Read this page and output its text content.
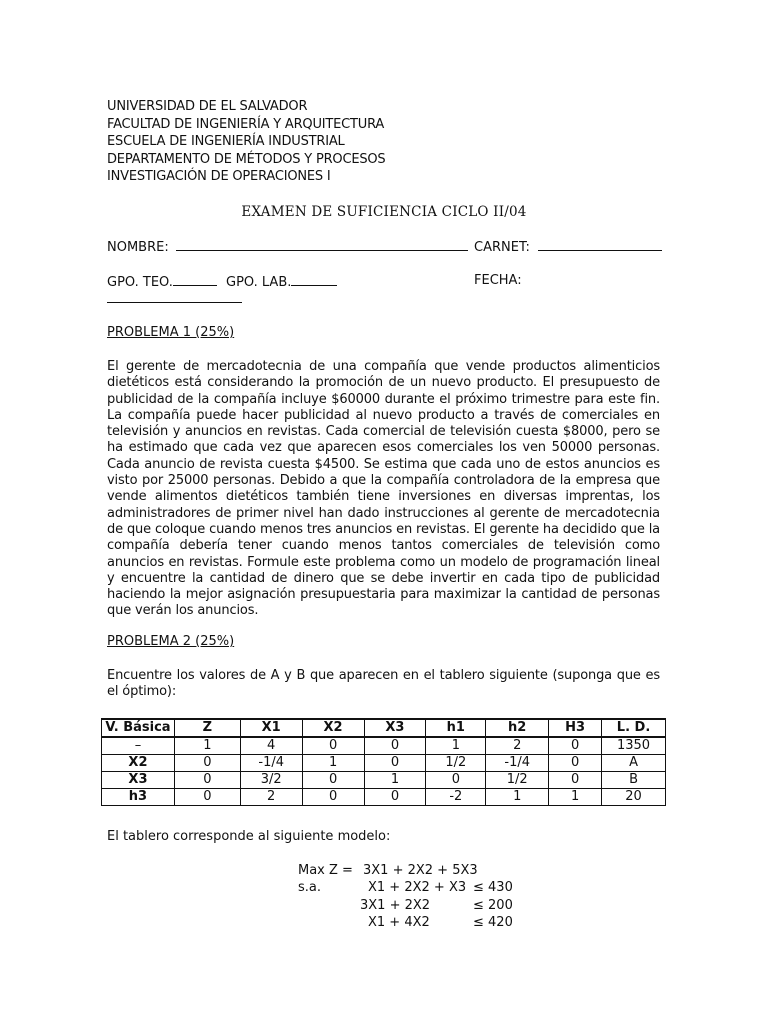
UNIVERSIDAD DE EL SALVADOR
FACULTAD DE INGENIERÍA Y ARQUITECTURA
ESCUELA DE INGENIERÍA INDUSTRIAL
DEPARTAMENTO DE MÉTODOS Y PROCESOS
INVESTIGACIÓN DE OPERACIONES I
EXAMEN DE SUFICIENCIA CICLO II/04
NOMBRE:	CARNET:
GPO. TEO.	GPO. LAB.	FECHA:
PROBLEMA 1 (25%)
El gerente de mercadotecnia de una compañía que vende productos alimenticios dietéticos está considerando la promoción de un nuevo producto. El presupuesto de publicidad de la compañía incluye $60000 durante el próximo trimestre para este fin. La compañía puede hacer publicidad al nuevo producto a través de comerciales en televisión y anuncios en revistas. Cada comercial de televisión cuesta $8000, pero se ha estimado que cada vez que aparecen esos comerciales los ven 50000 personas. Cada anuncio de revista cuesta $4500. Se estima que cada uno de estos anuncios es visto por 25000 personas. Debido a que la compañía controladora de la empresa que vende alimentos dietéticos también tiene inversiones en diversas imprentas, los administradores de primer nivel han dado instrucciones al gerente de mercadotecnia de que coloque cuando menos tres anuncios en revistas. El gerente ha decidido que la compañía debería tener cuando menos tantos comerciales de televisión como anuncios en revistas. Formule este problema como un modelo de programación lineal y encuentre la cantidad de dinero que se debe invertir en cada tipo de publicidad haciendo la mejor asignación presupuestaria para maximizar la cantidad de personas que verán los anuncios.
PROBLEMA 2 (25%)
Encuentre los valores de A y B que aparecen en el tablero siguiente (suponga que es el óptimo):
V. Básica	Z	X1	X2	X3	h1	h2	H3	L. D.
–	1	4	0	0	1	2	0	1350
X2	0	-1/4	1	0	1/2	-1/4	0	A
X3	0	3/2	0	1	0	1/2	0	B
h3	0	2	0	0	-2	1	1	20
El tablero corresponde al siguiente modelo:
Max Z = 3X1 + 2X2 + 5X3
s.a.	X1 + 2X2 + X3 ≤ 430
3X1 + 2X2	≤ 200
X1 + 4X2	≤ 420
